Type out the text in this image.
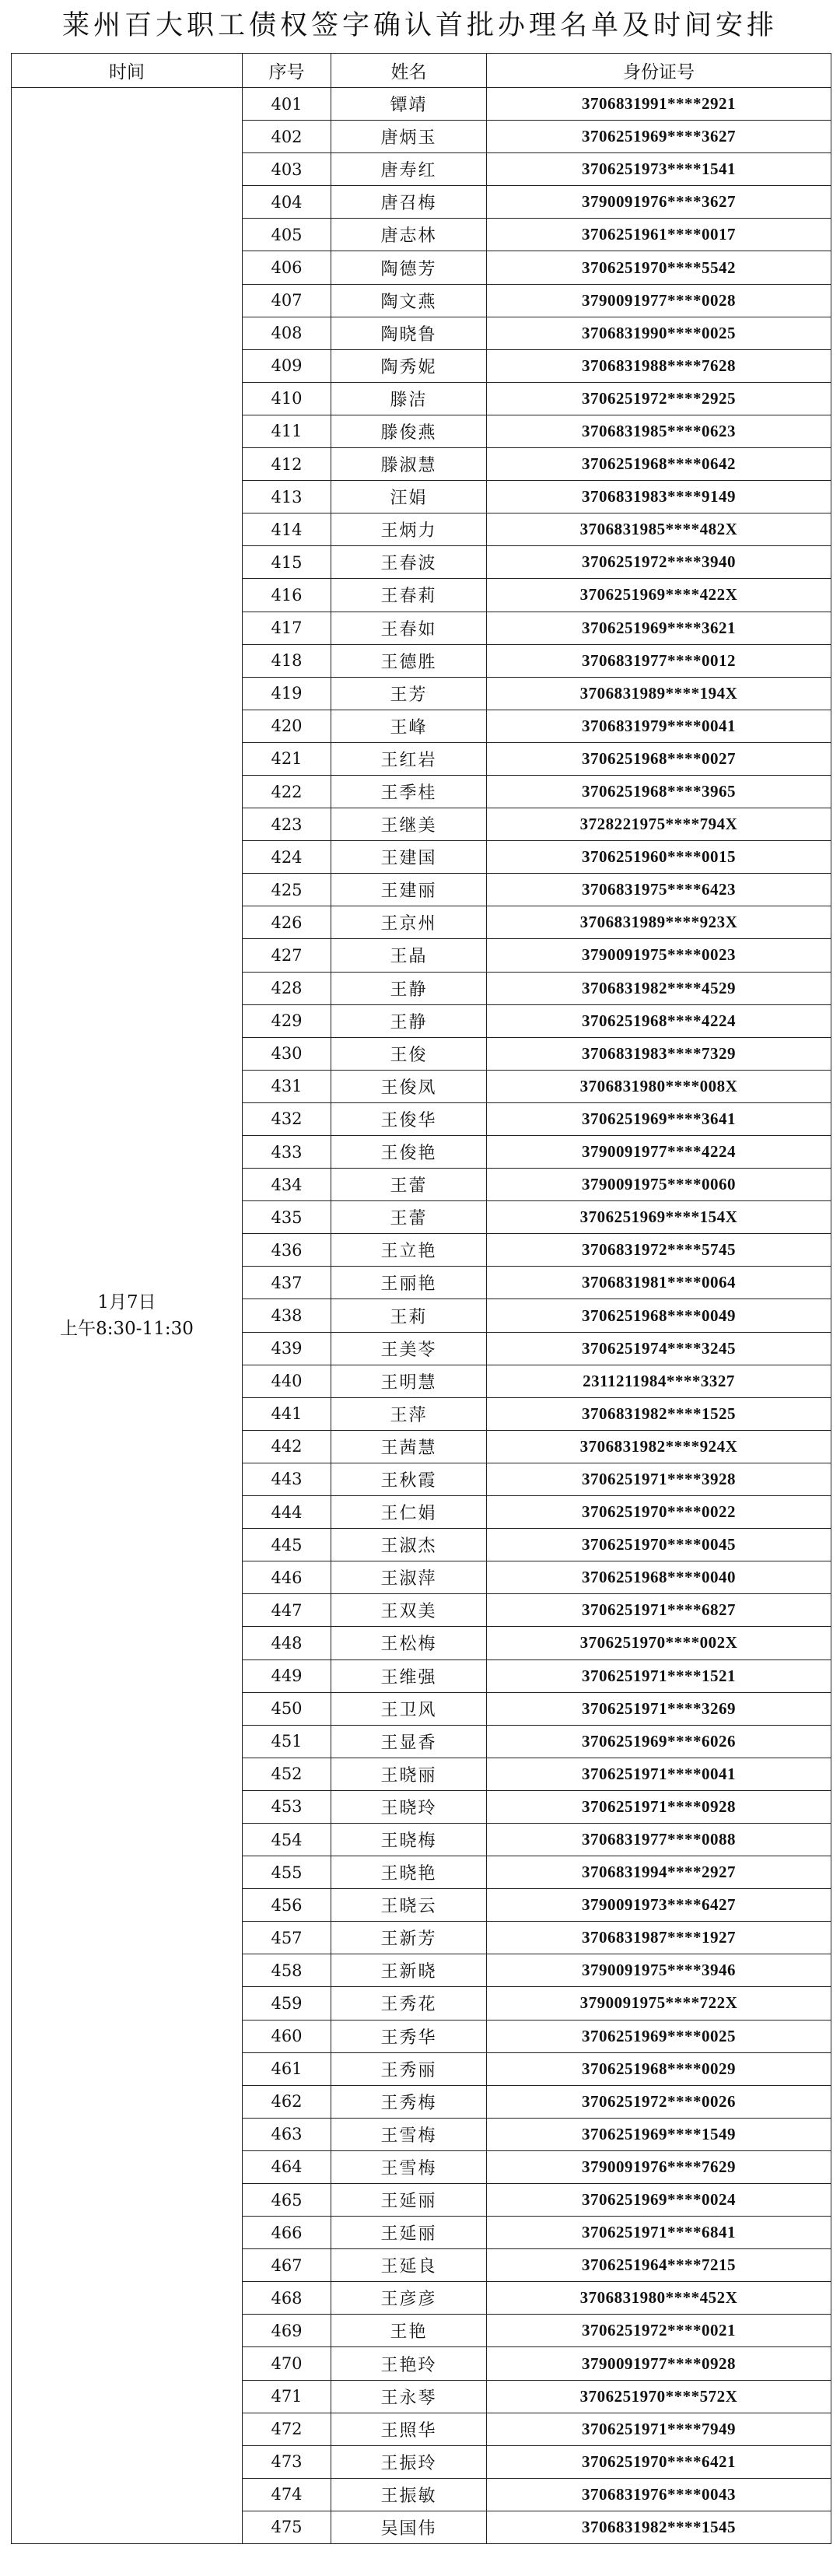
莱州百大职工债权签字确认首批办理名单及时间安排
时间	序号	姓名	身份证号

1月7日
上午8:30-11:30	401	镡靖	3706831991****2921
	402	唐炳玉	3706251969****3627
	403	唐寿红	3706251973****1541
	404	唐召梅	3790091976****3627
	405	唐志林	3706251961****0017
	406	陶德芳	3706251970****5542
	407	陶文燕	3790091977****0028
	408	陶晓鲁	3706831990****0025
	409	陶秀妮	3706831988****7628
	410	滕洁	3706251972****2925
	411	滕俊燕	3706831985****0623
	412	滕淑慧	3706251968****0642
	413	汪娟	3706831983****9149
	414	王炳力	3706831985****482X
	415	王春波	3706251972****3940
	416	王春莉	3706251969****422X
	417	王春如	3706251969****3621
	418	王德胜	3706831977****0012
	419	王芳	3706831989****194X
	420	王峰	3706831979****0041
	421	王红岩	3706251968****0027
	422	王季桂	3706251968****3965
	423	王继美	3728221975****794X
	424	王建国	3706251960****0015
	425	王建丽	3706831975****6423
	426	王京州	3706831989****923X
	427	王晶	3790091975****0023
	428	王静	3706831982****4529
	429	王静	3706251968****4224
	430	王俊	3706831983****7329
	431	王俊凤	3706831980****008X
	432	王俊华	3706251969****3641
	433	王俊艳	3790091977****4224
	434	王蕾	3790091975****0060
	435	王蕾	3706251969****154X
	436	王立艳	3706831972****5745
	437	王丽艳	3706831981****0064
	438	王莉	3706251968****0049
	439	王美苓	3706251974****3245
	440	王明慧	2311211984****3327
	441	王萍	3706831982****1525
	442	王茜慧	3706831982****924X
	443	王秋霞	3706251971****3928
	444	王仁娟	3706251970****0022
	445	王淑杰	3706251970****0045
	446	王淑萍	3706251968****0040
	447	王双美	3706251971****6827
	448	王松梅	3706251970****002X
	449	王维强	3706251971****1521
	450	王卫风	3706251971****3269
	451	王显香	3706251969****6026
	452	王晓丽	3706251971****0041
	453	王晓玲	3706251971****0928
	454	王晓梅	3706831977****0088
	455	王晓艳	3706831994****2927
	456	王晓云	3790091973****6427
	457	王新芳	3706831987****1927
	458	王新晓	3790091975****3946
	459	王秀花	3790091975****722X
	460	王秀华	3706251969****0025
	461	王秀丽	3706251968****0029
	462	王秀梅	3706251972****0026
	463	王雪梅	3706251969****1549
	464	王雪梅	3790091976****7629
	465	王延丽	3706251969****0024
	466	王延丽	3706251971****6841
	467	王延良	3706251964****7215
	468	王彦彦	3706831980****452X
	469	王艳	3706251972****0021
	470	王艳玲	3790091977****0928
	471	王永琴	3706251970****572X
	472	王照华	3706251971****7949
	473	王振玲	3706251970****6421
	474	王振敏	3706831976****0043
	475	吴国伟	3706831982****1545
